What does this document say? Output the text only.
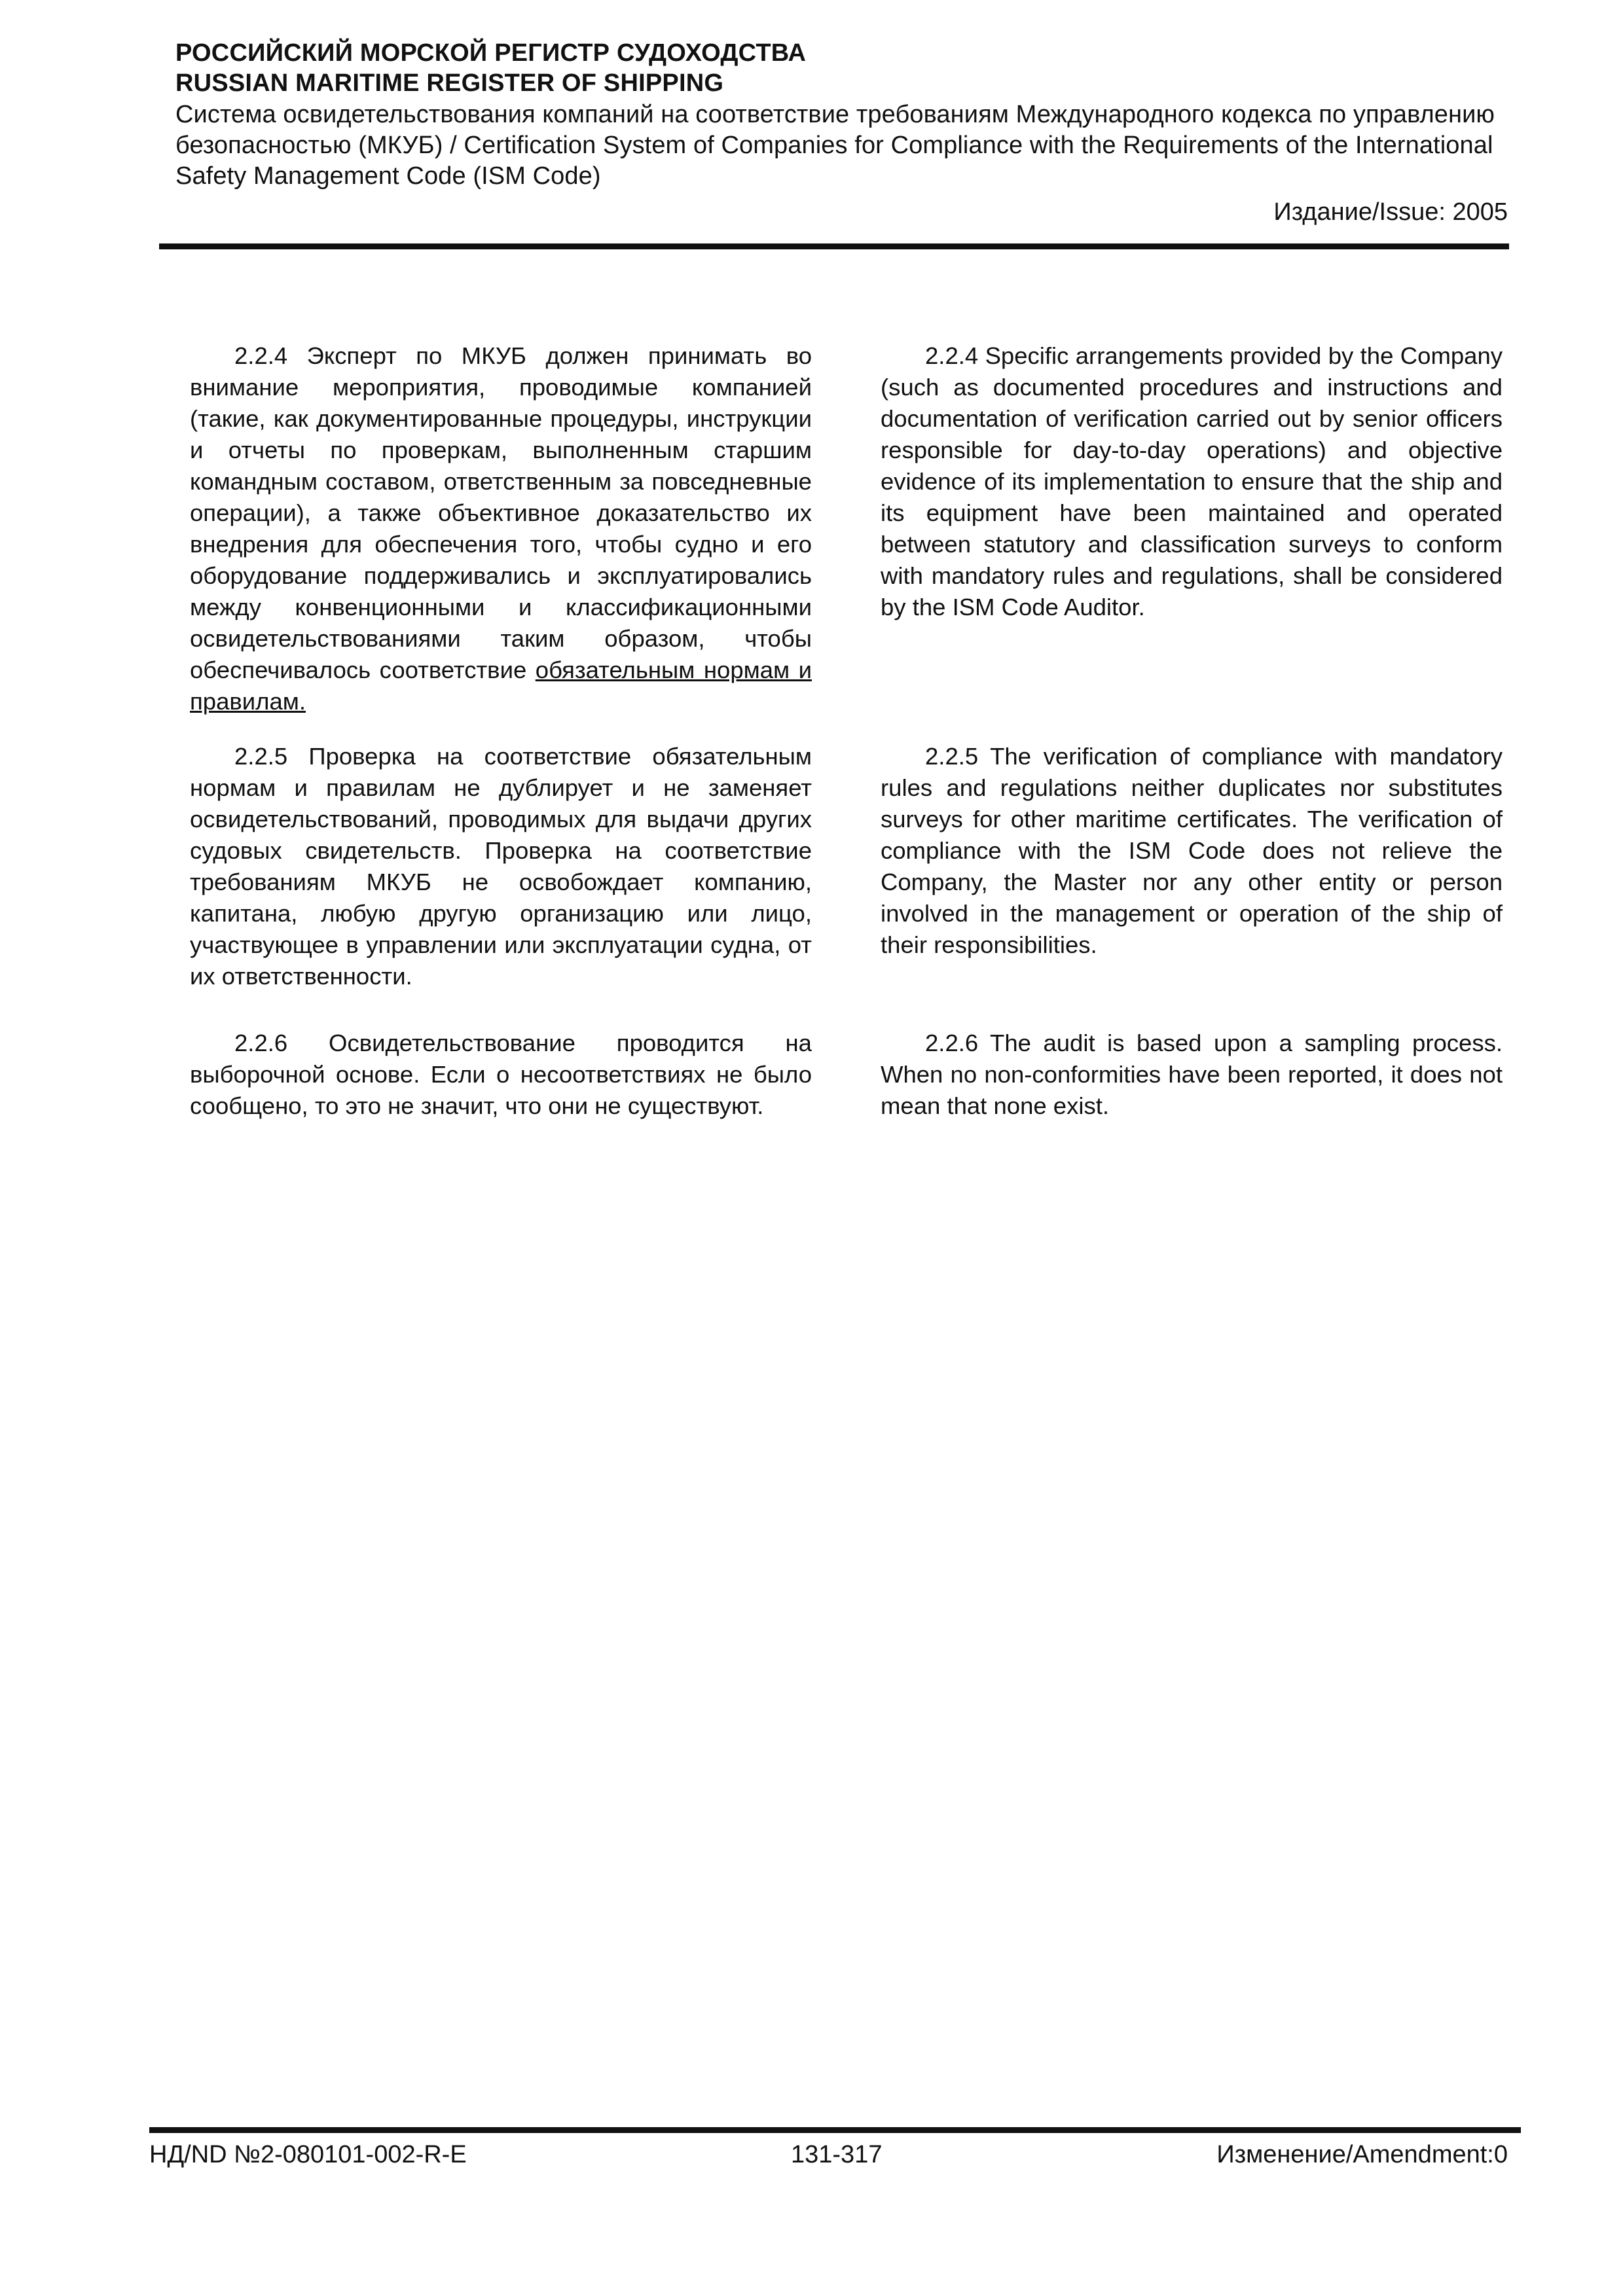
РОССИЙСКИЙ МОРСКОЙ РЕГИСТР СУДОХОДСТВА
RUSSIAN MARITIME REGISTER OF SHIPPING
Система освидетельствования компаний на соответствие требованиям Международного кодекса по управлению безопасностью (МКУБ) / Certification System of Companies for Compliance with the Requirements of the International Safety Management Code (ISM Code)
Издание/Issue: 2005

2.2.4 Эксперт по МКУБ должен принимать во внимание мероприятия, проводимые компанией (такие, как документированные процедуры, инструкции и отчеты по проверкам, выполненным старшим командным составом, ответственным за повседневные операции), а также объективное доказательство их внедрения для обеспечения того, чтобы судно и его оборудование поддерживались и эксплуатировались между конвенционными и классификационными освидетельствованиями таким образом, чтобы обеспечивалось соответствие обязательным нормам и правилам.

2.2.4 Specific arrangements provided by the Company (such as documented procedures and instructions and documentation of verification carried out by senior officers responsible for day-to-day operations) and objective evidence of its implementation to ensure that the ship and its equipment have been maintained and operated between statutory and classification surveys to conform with mandatory rules and regulations, shall be considered by the ISM Code Auditor.

2.2.5 Проверка на соответствие обязательным нормам и правилам не дублирует и не заменяет освидетельствований, проводимых для выдачи других судовых свидетельств. Проверка на соответствие требованиям МКУБ не освобождает компанию, капитана, любую другую организацию или лицо, участвующее в управлении или эксплуатации судна, от их ответственности.

2.2.5 The verification of compliance with mandatory rules and regulations neither duplicates nor substitutes surveys for other maritime certificates. The verification of compliance with the ISM Code does not relieve the Company, the Master nor any other entity or person involved in the management or operation of the ship of their responsibilities.

2.2.6 Освидетельствование проводится на выборочной основе. Если о несоответствиях не было сообщено, то это не значит, что они не существуют.

2.2.6 The audit is based upon a sampling process. When no non-conformities have been reported, it does not mean that none exist.

НД/ND №2-080101-002-R-E	131-317	Изменение/Amendment:0
